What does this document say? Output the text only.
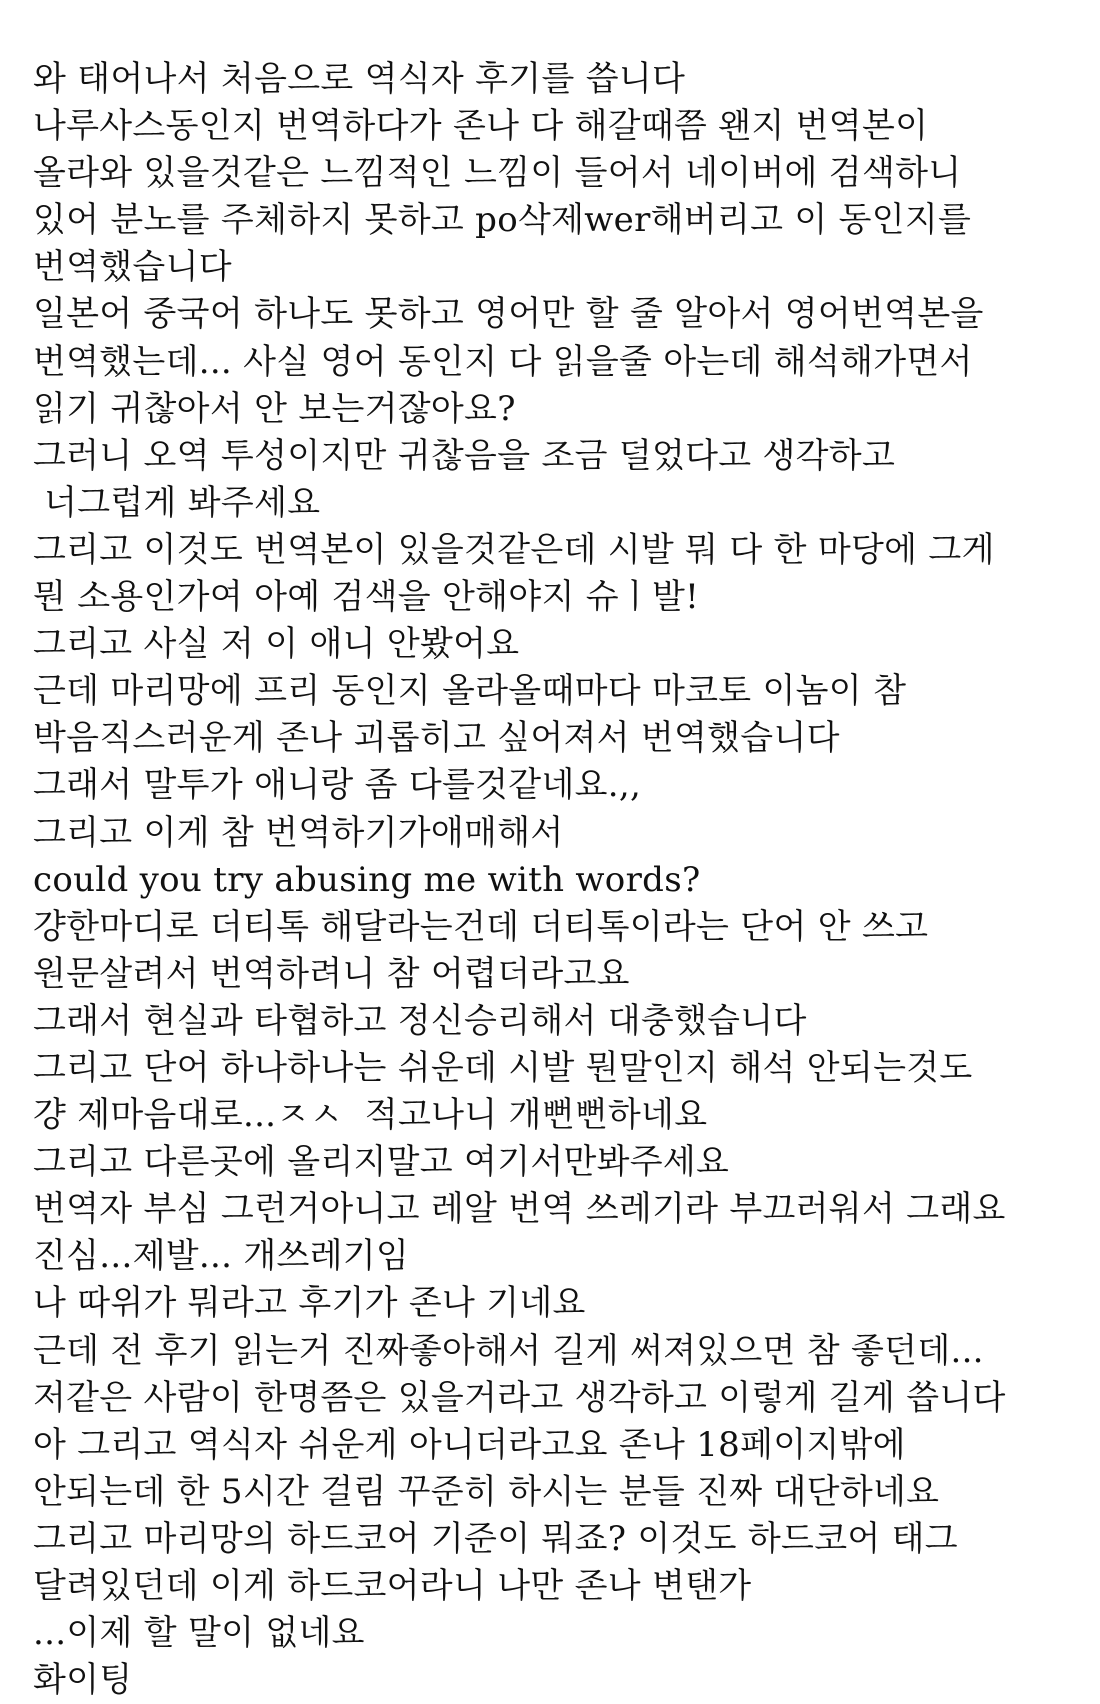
와 태어나서 처음으로 역식자 후기를 씁니다
나루사스동인지 번역하다가 존나 다 해갈때쯤 왠지 번역본이
올라와 있을것같은 느낌적인 느낌이 들어서 네이버에 검색하니
있어 분노를 주체하지 못하고 po삭제wer해버리고 이 동인지를
번역했습니다
일본어 중국어 하나도 못하고 영어만 할 줄 알아서 영어번역본을
번역했는데... 사실 영어 동인지 다 읽을줄 아는데 해석해가면서
읽기 귀찮아서 안 보는거잖아요?
그러니 오역 투성이지만 귀찮음을 조금 덜었다고 생각하고
너그럽게 봐주세요
그리고 이것도 번역본이 있을것같은데 시발 뭐 다 한 마당에 그게
뭔 소용인가여 아예 검색을 안해야지 슈ㅣ발!
그리고 사실 저 이 애니 안봤어요
근데 마리망에 프리 동인지 올라올때마다 마코토 이놈이 참
박음직스러운게 존나 괴롭히고 싶어져서 번역했습니다
그래서 말투가 애니랑 좀 다를것같네요.,,
그리고 이게 참 번역하기가애매해서
could you try abusing me with words?
걍한마디로 더티톡 해달라는건데 더티톡이라는 단어 안 쓰고
원문살려서 번역하려니 참 어렵더라고요
그래서 현실과 타협하고 정신승리해서 대충했습니다
그리고 단어 하나하나는 쉬운데 시발 뭔말인지 해석 안되는것도
걍 제마음대로...ㅈㅅ  적고나니 개뻔뻔하네요
그리고 다른곳에 올리지말고 여기서만봐주세요
번역자 부심 그런거아니고 레알 번역 쓰레기라 부끄러워서 그래요
진심...제발... 개쓰레기임
나 따위가 뭐라고 후기가 존나 기네요
근데 전 후기 읽는거 진짜좋아해서 길게 써져있으면 참 좋던데...
저같은 사람이 한명쯤은 있을거라고 생각하고 이렇게 길게 씁니다
아 그리고 역식자 쉬운게 아니더라고요 존나 18페이지밖에
안되는데 한 5시간 걸림 꾸준히 하시는 분들 진짜 대단하네요
그리고 마리망의 하드코어 기준이 뭐죠? 이것도 하드코어 태그
달려있던데 이게 하드코어라니 나만 존나 변탠가
...이제 할 말이 없네요
화이팅
